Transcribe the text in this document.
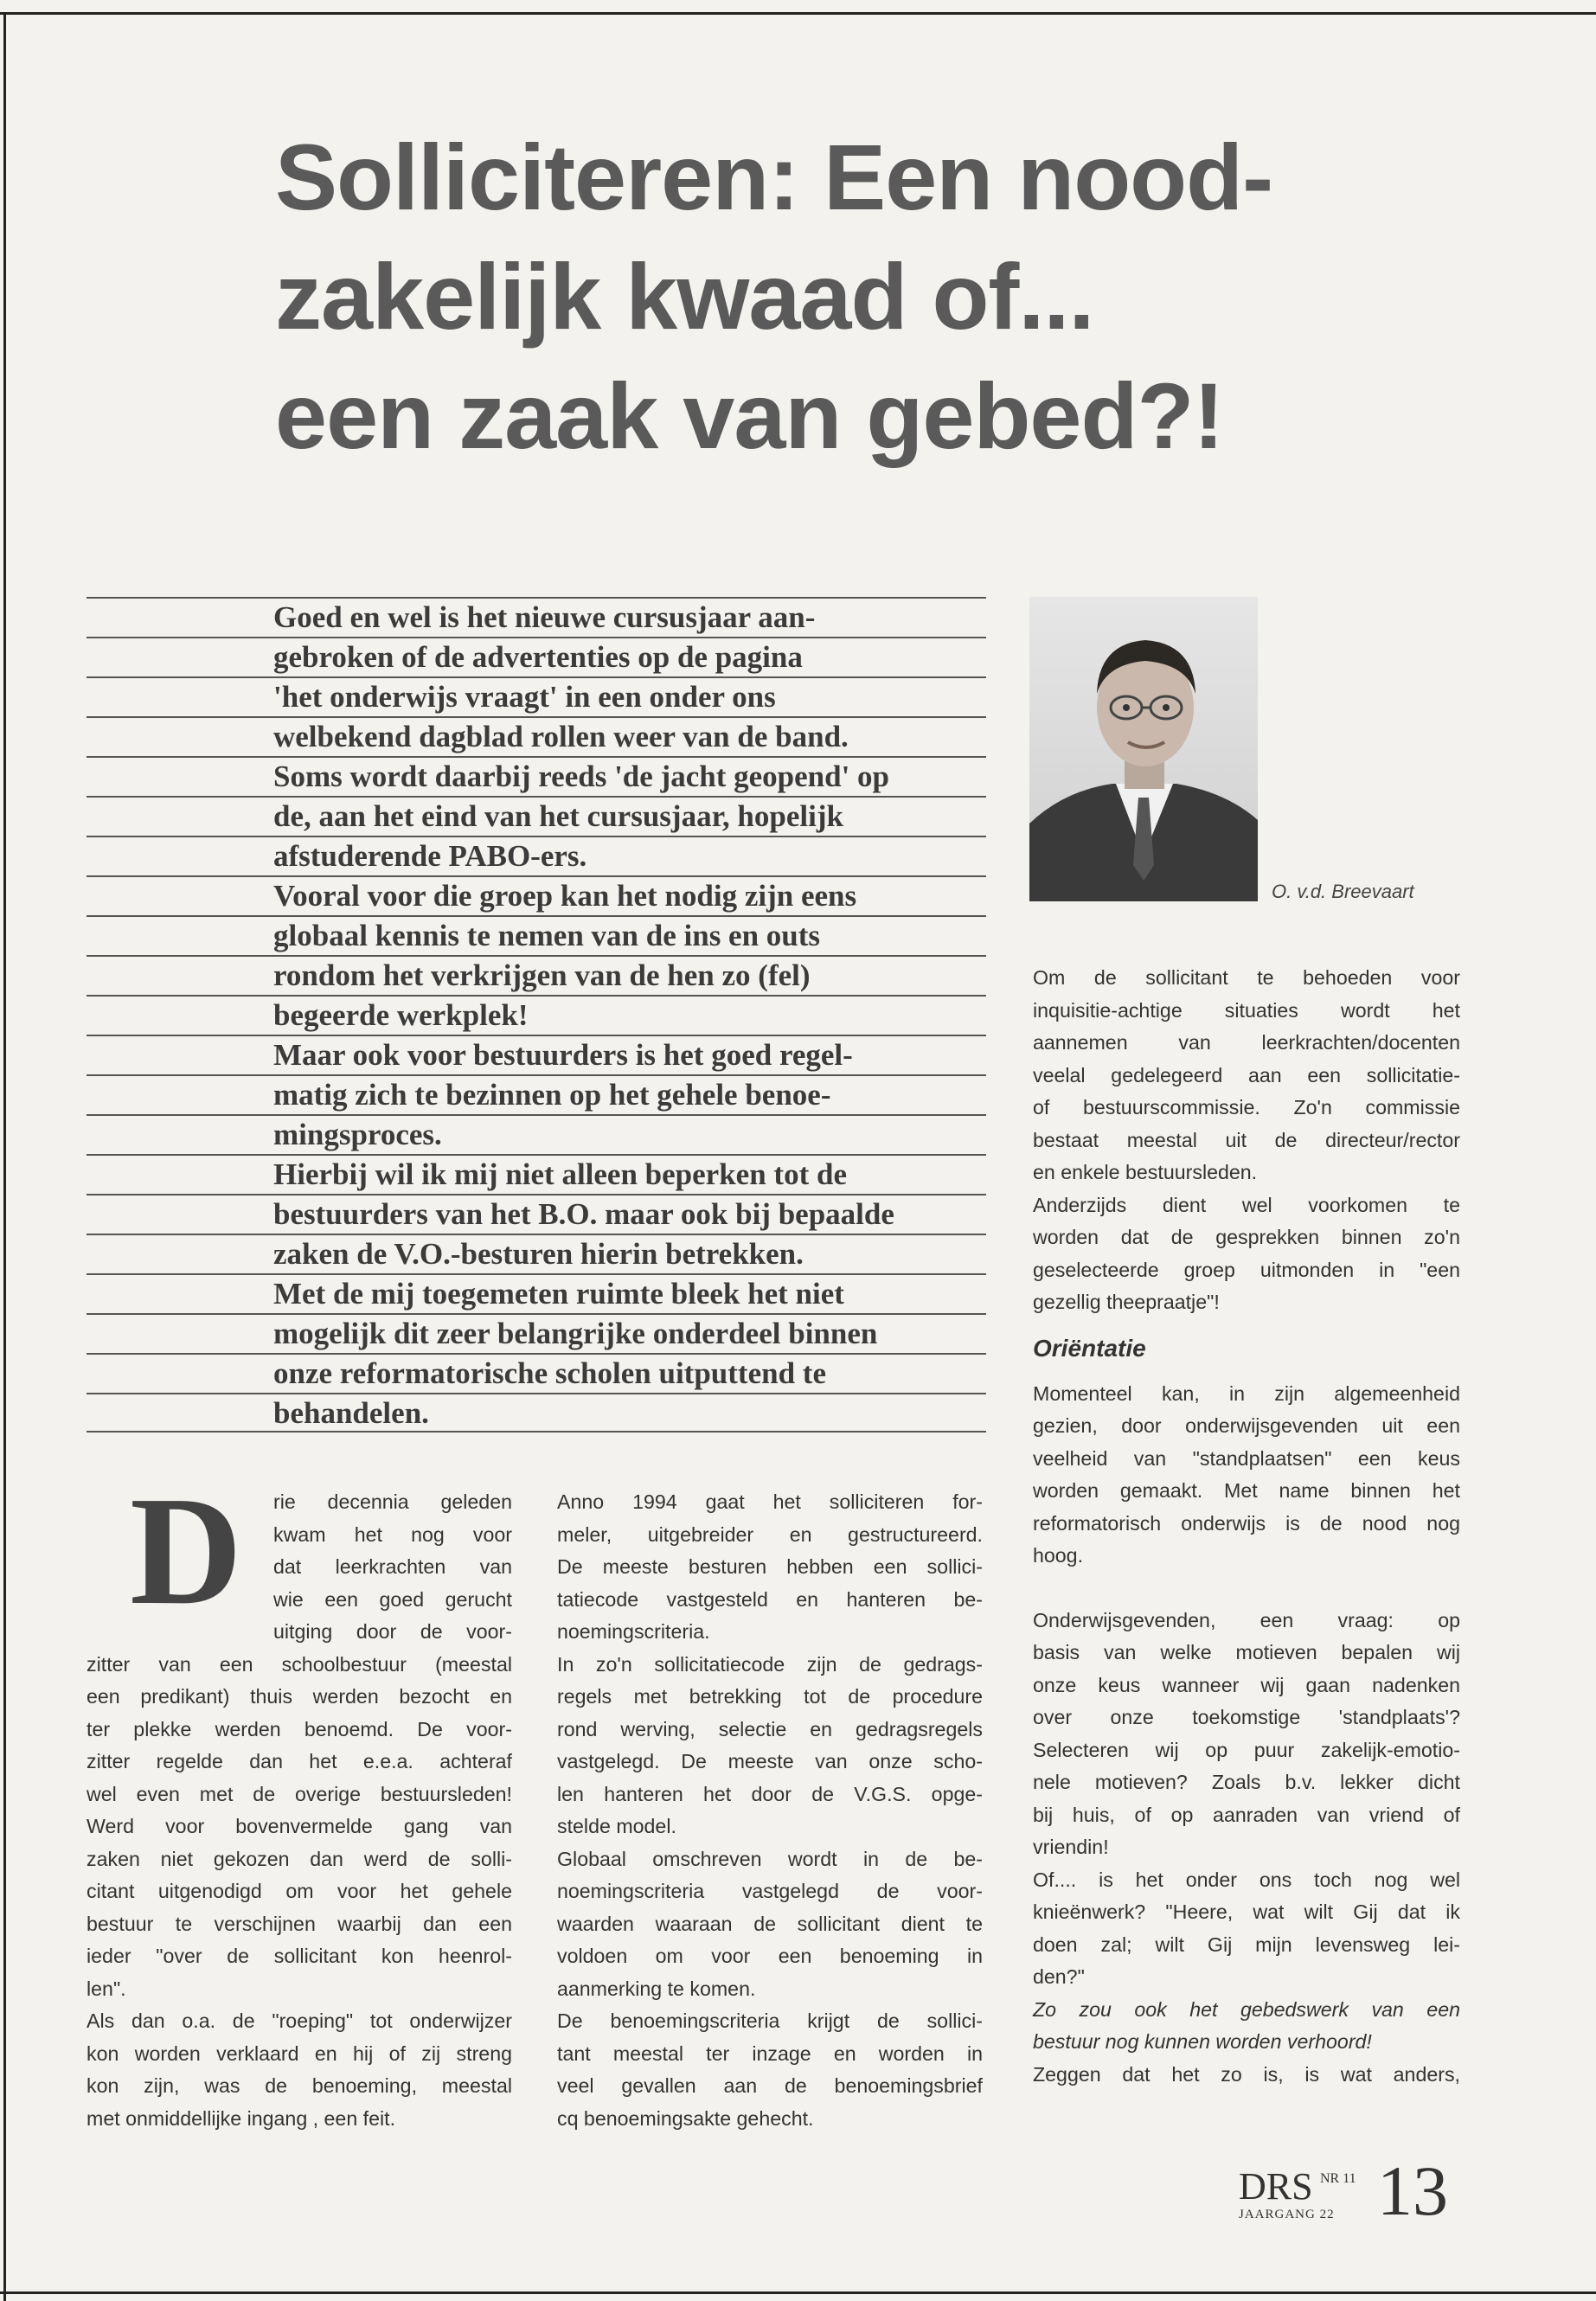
Solliciteren: Een nood-
zakelijk kwaad of...
een zaak van gebed?!
Goed en wel is het nieuwe cursusjaar aan-
gebroken of de advertenties op de pagina
'het onderwijs vraagt' in een onder ons
welbekend dagblad rollen weer van de band.
Soms wordt daarbij reeds 'de jacht geopend' op
de, aan het eind van het cursusjaar, hopelijk
afstuderende PABO-ers.
Vooral voor die groep kan het nodig zijn eens
globaal kennis te nemen van de ins en outs
rondom het verkrijgen van de hen zo (fel)
begeerde werkplek!
Maar ook voor bestuurders is het goed regel-
matig zich te bezinnen op het gehele benoe-
mingsproces.
Hierbij wil ik mij niet alleen beperken tot de
bestuurders van het B.O. maar ook bij bepaalde
zaken de V.O.-besturen hierin betrekken.
Met de mij toegemeten ruimte bleek het niet
mogelijk dit zeer belangrijke onderdeel binnen
onze reformatorische scholen uitputtend te
behandelen.
O. v.d. Breevaart
D	rie decennia geleden
kwam het nog voor
dat leerkrachten van
wie een goed gerucht
uitging door de voor-
zitter van een schoolbestuur (meestal
een predikant) thuis werden bezocht en
ter plekke werden benoemd. De voor-
zitter regelde dan het e.e.a. achteraf
wel even met de overige bestuursleden!
Werd voor bovenvermelde gang van
zaken niet gekozen dan werd de solli-
citant uitgenodigd om voor het gehele
bestuur te verschijnen waarbij dan een
ieder "over de sollicitant kon heenrol-
len".
Als dan o.a. de "roeping" tot onderwijzer
kon worden verklaard en hij of zij streng
kon zijn, was de benoeming, meestal
met onmiddellijke ingang , een feit.

Anno 1994 gaat het solliciteren for-
meler, uitgebreider en gestructureerd.
De meeste besturen hebben een sollici-
tatiecode vastgesteld en hanteren be-
noemingscriteria.
In zo'n sollicitatiecode zijn de gedrags-
regels met betrekking tot de procedure
rond werving, selectie en gedragsregels
vastgelegd. De meeste van onze scho-
len hanteren het door de V.G.S. opge-
stelde model.
Globaal omschreven wordt in de be-
noemingscriteria vastgelegd de voor-
waarden waaraan de sollicitant dient te
voldoen om voor een benoeming in
aanmerking te komen.
De benoemingscriteria krijgt de sollici-
tant meestal ter inzage en worden in
veel gevallen aan de benoemingsbrief
cq benoemingsakte gehecht.

Om de sollicitant te behoeden voor
inquisitie-achtige situaties wordt het
aannemen van leerkrachten/docenten
veelal gedelegeerd aan een sollicitatie-
of bestuurscommissie. Zo'n commissie
bestaat meestal uit de directeur/rector
en enkele bestuursleden.
Anderzijds dient wel voorkomen te
worden dat de gesprekken binnen zo'n
geselecteerde groep uitmonden in "een
gezellig theepraatje"!

Oriëntatie

Momenteel kan, in zijn algemeenheid
gezien, door onderwijsgevenden uit een
veelheid van "standplaatsen" een keus
worden gemaakt. Met name binnen het
reformatorisch onderwijs is de nood nog
hoog.

Onderwijsgevenden, een vraag: op
basis van welke motieven bepalen wij
onze keus wanneer wij gaan nadenken
over onze toekomstige 'standplaats'?
Selecteren wij op puur zakelijk-emotio-
nele motieven? Zoals b.v. lekker dicht
bij huis, of op aanraden van vriend of
vriendin!
Of.... is het onder ons toch nog wel
knieënwerk? "Heere, wat wilt Gij dat ik
doen zal; wilt Gij mijn levensweg lei-
den?"
Zo zou ook het gebedswerk van een
bestuur nog kunnen worden verhoord!
Zeggen dat het zo is, is wat anders,

DRS NR 11
JAARGANG 22 13
